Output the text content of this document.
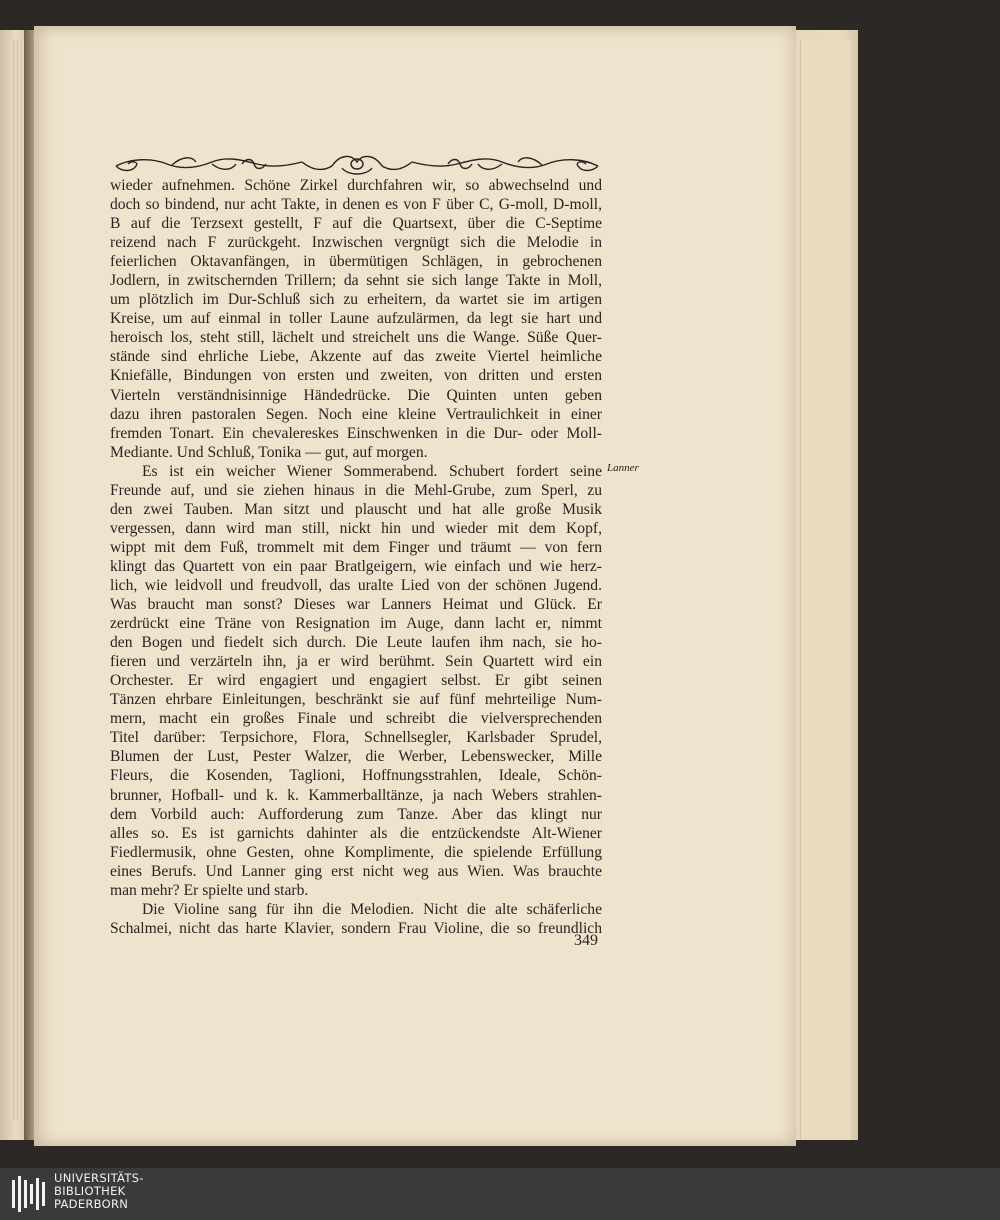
wieder aufnehmen. Schöne Zirkel durchfahren wir, so abwechselnd und
doch so bindend, nur acht Takte, in denen es von F über C, G-moll, D-moll,
B auf die Terzsext gestellt, F auf die Quartsext, über die C-Septime
reizend nach F zurückgeht. Inzwischen vergnügt sich die Melodie in
feierlichen Oktavanfängen, in übermütigen Schlägen, in gebrochenen
Jodlern, in zwitschernden Trillern; da sehnt sie sich lange Takte in Moll,
um plötzlich im Dur-Schluß sich zu erheitern, da wartet sie im artigen
Kreise, um auf einmal in toller Laune aufzulärmen, da legt sie hart und
heroisch los, steht still, lächelt und streichelt uns die Wange. Süße Quer-
stände sind ehrliche Liebe, Akzente auf das zweite Viertel heimliche
Kniefälle, Bindungen von ersten und zweiten, von dritten und ersten
Vierteln verständnisinnige Händedrücke. Die Quinten unten geben
dazu ihren pastoralen Segen. Noch eine kleine Vertraulichkeit in einer
fremden Tonart. Ein chevalereskes Einschwenken in die Dur- oder Moll-
Mediante. Und Schluß, Tonika — gut, auf morgen.
Es ist ein weicher Wiener Sommerabend. Schubert fordert seine
Freunde auf, und sie ziehen hinaus in die Mehl-Grube, zum Sperl, zu
den zwei Tauben. Man sitzt und plauscht und hat alle große Musik
vergessen, dann wird man still, nickt hin und wieder mit dem Kopf,
wippt mit dem Fuß, trommelt mit dem Finger und träumt — von fern
klingt das Quartett von ein paar Bratlgeigern, wie einfach und wie herz-
lich, wie leidvoll und freudvoll, das uralte Lied von der schönen Jugend.
Was braucht man sonst? Dieses war Lanners Heimat und Glück. Er
zerdrückt eine Träne von Resignation im Auge, dann lacht er, nimmt
den Bogen und fiedelt sich durch. Die Leute laufen ihm nach, sie ho-
fieren und verzärteln ihn, ja er wird berühmt. Sein Quartett wird ein
Orchester. Er wird engagiert und engagiert selbst. Er gibt seinen
Tänzen ehrbare Einleitungen, beschränkt sie auf fünf mehrteilige Num-
mern, macht ein großes Finale und schreibt die vielversprechenden
Titel darüber: Terpsichore, Flora, Schnellsegler, Karlsbader Sprudel,
Blumen der Lust, Pester Walzer, die Werber, Lebenswecker, Mille
Fleurs, die Kosenden, Taglioni, Hoffnungsstrahlen, Ideale, Schön-
brunner, Hofball- und k. k. Kammerballtänze, ja nach Webers strahlen-
dem Vorbild auch: Aufforderung zum Tanze. Aber das klingt nur
alles so. Es ist garnichts dahinter als die entzückendste Alt-Wiener
Fiedlermusik, ohne Gesten, ohne Komplimente, die spielende Erfüllung
eines Berufs. Und Lanner ging erst nicht weg aus Wien. Was brauchte
man mehr? Er spielte und starb.
Die Violine sang für ihn die Melodien. Nicht die alte schäferliche
Schalmei, nicht das harte Klavier, sondern Frau Violine, die so freundlich
Lanner
349
UNIVERSITÄTS-
BIBLIOTHEK
PADERBORN
